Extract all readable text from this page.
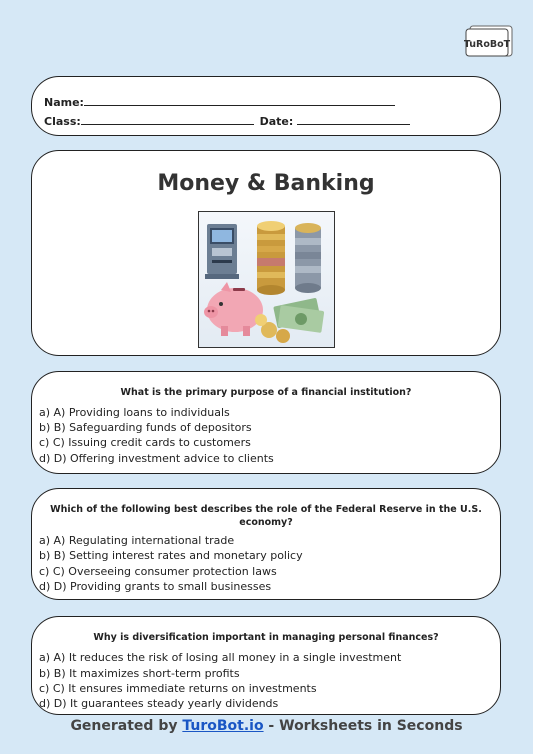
TuRoBoT
Name:
Class:	Date:
Money & Banking
What is the primary purpose of a financial institution?
a) A) Providing loans to individuals
b) B) Safeguarding funds of depositors
c) C) Issuing credit cards to customers
d) D) Offering investment advice to clients
Which of the following best describes the role of the Federal Reserve in the U.S. economy?
a) A) Regulating international trade
b) B) Setting interest rates and monetary policy
c) C) Overseeing consumer protection laws
d) D) Providing grants to small businesses
Why is diversification important in managing personal finances?
a) A) It reduces the risk of losing all money in a single investment
b) B) It maximizes short-term profits
c) C) It ensures immediate returns on investments
d) D) It guarantees steady yearly dividends
Generated by TurоBot.io - Worksheets in Seconds
